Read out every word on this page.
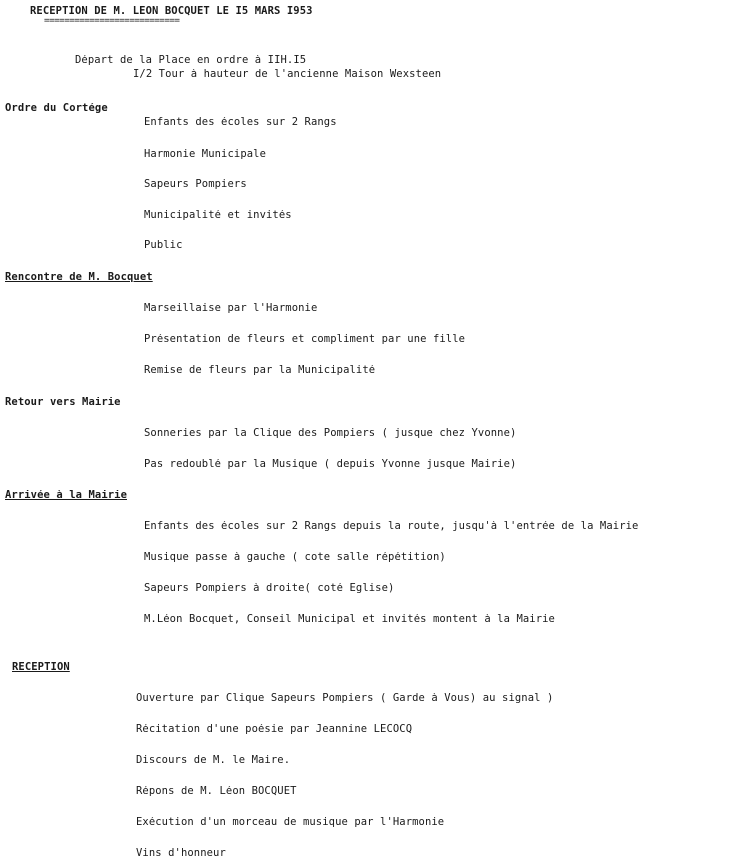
RECEPTION DE M. LEON BOCQUET LE I5 MARS I953
===========================
Départ de la Place en ordre à IIH.I5
I/2 Tour à hauteur de l'ancienne Maison Wexsteen
Ordre du Cortége
Enfants des écoles sur 2 Rangs
Harmonie Municipale
Sapeurs Pompiers
Municipalité et invités
Public
Rencontre de M. Bocquet
Marseillaise par l'Harmonie
Présentation de fleurs et compliment par une fille
Remise de fleurs par la Municipalité
Retour vers Mairie
Sonneries par la Clique des Pompiers ( jusque chez Yvonne)
Pas redoublé par la Musique ( depuis Yvonne jusque Mairie)
Arrivée à la Mairie
Enfants des écoles sur 2 Rangs depuis la route, jusqu'à l'entrée de la Mairie
Musique passe à gauche ( cote salle répétition)
Sapeurs Pompiers à droite( coté Eglise)
M.Léon Bocquet, Conseil Municipal et invités montent à la Mairie
RECEPTION
Ouverture par Clique Sapeurs Pompiers ( Garde à Vous) au signal )
Récitation d'une poésie par Jeannine LECOCQ
Discours de M. le Maire.
Répons de M. Léon BOCQUET
Exécution d'un morceau de musique par l'Harmonie
Vins d'honneur
